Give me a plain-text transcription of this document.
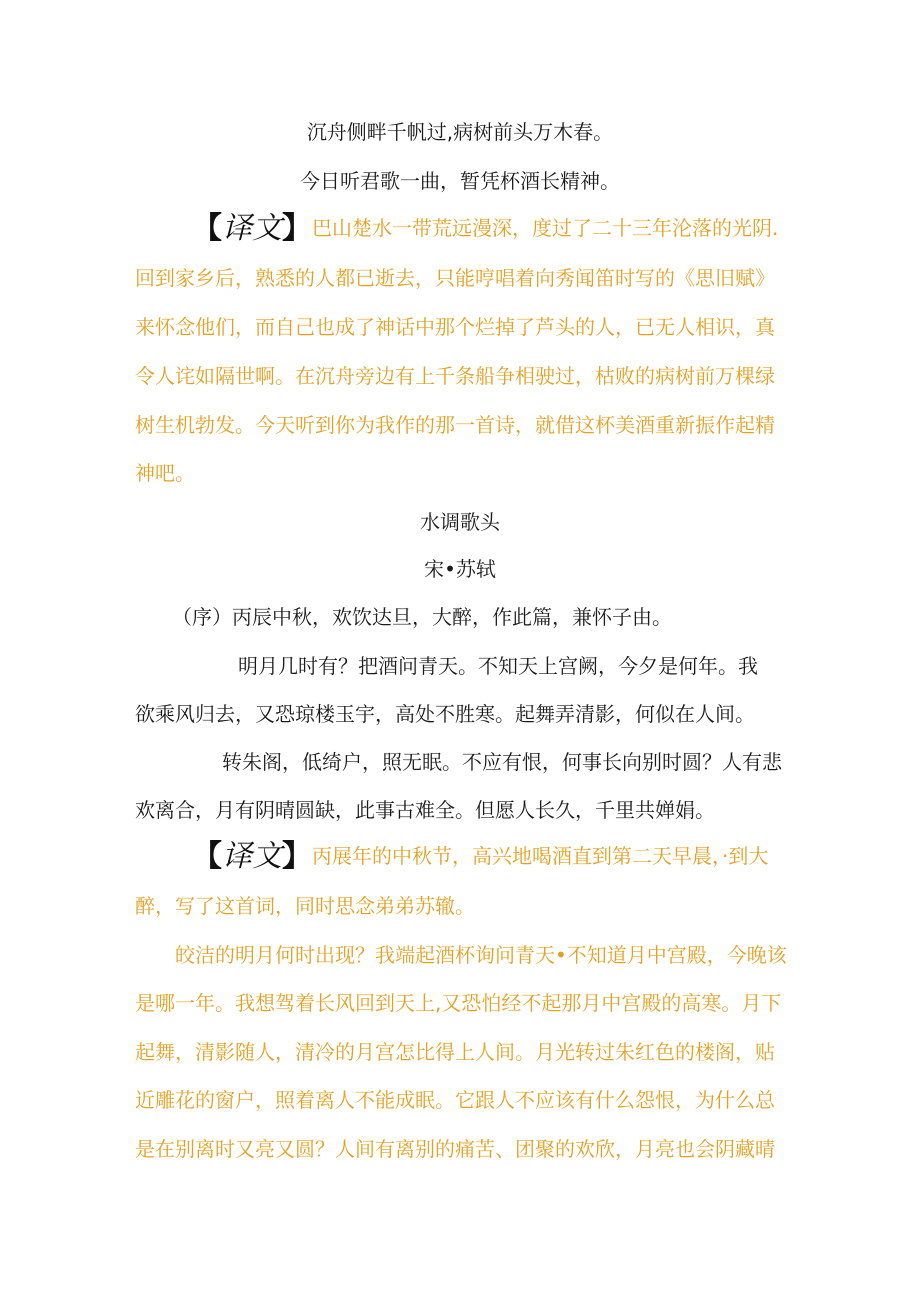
沉舟侧畔千帆过,病树前头万木春。
今日听君歌一曲，暂凭杯酒长精神。
【译文】巴山楚水一带荒远漫深，度过了二十三年沦落的光阴.
回到家乡后，熟悉的人都已逝去，只能哼唱着向秀闻笛时写的《思旧赋》
来怀念他们，而自己也成了神话中那个烂掉了芦头的人，已无人相识，真
令人诧如隔世啊。在沉舟旁边有上千条船争相驶过，枯败的病树前万棵绿
树生机勃发。今天听到你为我作的那一首诗，就借这杯美酒重新振作起精
神吧。
水调歌头
宋•苏轼
（序）丙辰中秋，欢饮达旦，大醉，作此篇，兼怀子由。
明月几时有？把酒问青天。不知天上宫阙，今夕是何年。我
欲乘风归去，又恐琼楼玉宇，高处不胜寒。起舞弄清影，何似在人间。
转朱阁，低绮户，照无眠。不应有恨，何事长向别时圆？人有悲
欢离合，月有阴晴圆缺，此事古难全。但愿人长久，千里共婵娟。
【译文】丙展年的中秋节，高兴地喝酒直到第二天早晨，·到大
醉，写了这首词，同时思念弟弟苏辙。
皎洁的明月何时出现？我端起酒杯询问青天•不知道月中宫殿，今晚该
是哪一年。我想驾着长风回到天上,又恐怕经不起那月中宫殿的高寒。月下
起舞，清影随人，清冷的月宫怎比得上人间。月光转过朱红色的楼阁，贴
近雕花的窗户，照着离人不能成眠。它跟人不应该有什么怨恨，为什么总
是在别离时又亮又圆？人间有离别的痛苦、团聚的欢欣，月亮也会阴藏晴
